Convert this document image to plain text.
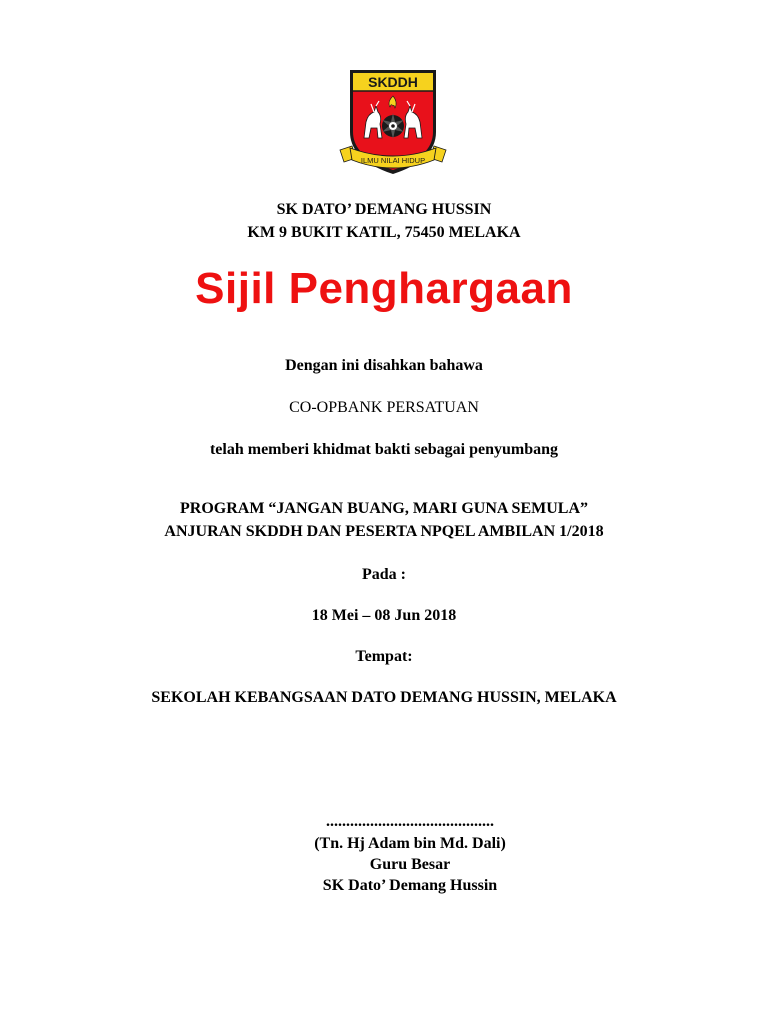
SKDDH
ILMU NILAI HIDUP
SK DATO’ DEMANG HUSSIN
KM 9 BUKIT KATIL, 75450 MELAKA
Sijil Penghargaan
Dengan ini disahkan bahawa
CO-OPBANK PERSATUAN
telah memberi khidmat bakti sebagai penyumbang
PROGRAM “JANGAN BUANG, MARI GUNA SEMULA”
ANJURAN SKDDH DAN PESERTA NPQEL AMBILAN 1/2018
Pada :
18 Mei – 08 Jun 2018
Tempat:
SEKOLAH KEBANGSAAN DATO DEMANG HUSSIN, MELAKA
..........................................
(Tn. Hj Adam bin Md. Dali)
Guru Besar
SK Dato’ Demang Hussin
